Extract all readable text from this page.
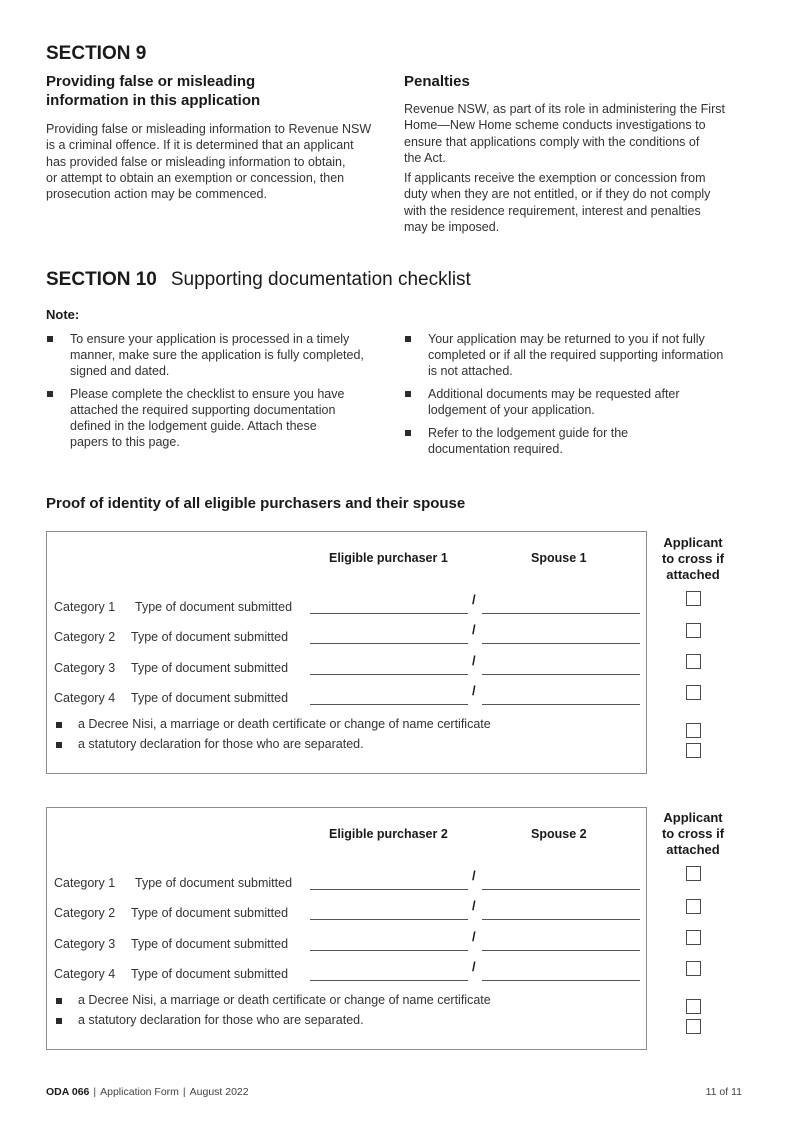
SECTION 9
Providing false or misleading
information in this application
Providing false or misleading information to Revenue NSW
is a criminal offence. If it is determined that an applicant
has provided false or misleading information to obtain,
or attempt to obtain an exemption or concession, then
prosecution action may be commenced.
Penalties
Revenue NSW, as part of its role in administering the First
Home—New Home scheme conducts investigations to
ensure that applications comply with the conditions of
the Act.
If applicants receive the exemption or concession from
duty when they are not entitled, or if they do not comply
with the residence requirement, interest and penalties
may be imposed.
SECTION 10 Supporting documentation checklist
Note:
To ensure your application is processed in a timely
manner, make sure the application is fully completed,
signed and dated.
Please complete the checklist to ensure you have
attached the required supporting documentation
defined in the lodgement guide. Attach these
papers to this page.
Your application may be returned to you if not fully
completed or if all the required supporting information
is not attached.
Additional documents may be requested after
lodgement of your application.
Refer to the lodgement guide for the
documentation required.
Proof of identity of all eligible purchasers and their spouse
Eligible purchaser 1	Spouse 1
Category 1 Type of document submitted	/
Category 2 Type of document submitted	/
Category 3 Type of document submitted	/
Category 4 Type of document submitted	/
a Decree Nisi, a marriage or death certificate or change of name certificate
a statutory declaration for those who are separated.
Applicant
to cross if
attached
Eligible purchaser 2	Spouse 2
Category 1 Type of document submitted	/
Category 2 Type of document submitted	/
Category 3 Type of document submitted	/
Category 4 Type of document submitted	/
a Decree Nisi, a marriage or death certificate or change of name certificate
a statutory declaration for those who are separated.
Applicant
to cross if
attached
ODA 066 | Application Form | August 2022	11 of 11
